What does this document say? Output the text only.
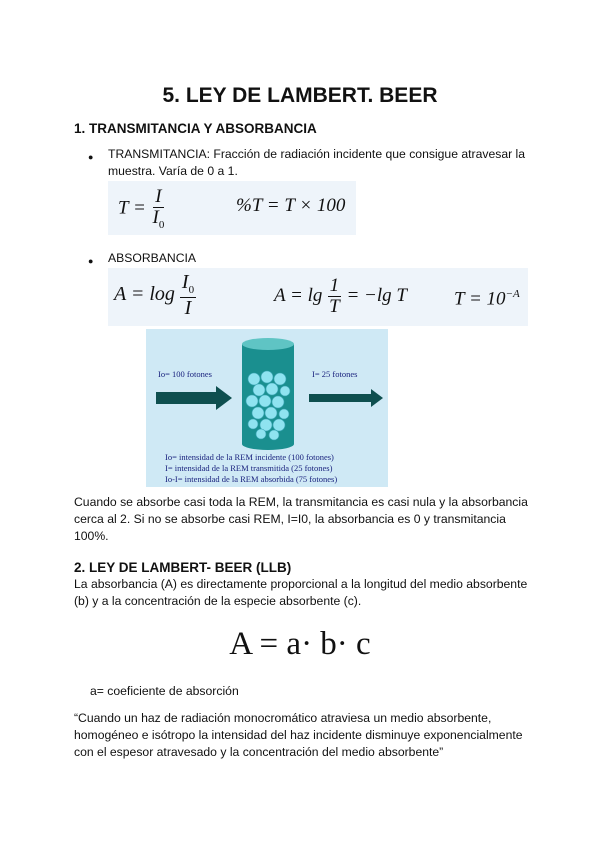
5. LEY DE LAMBERT. BEER
1. TRANSMITANCIA Y ABSORBANCIA
● TRANSMITANCIA: Fracción de radiación incidente que consigue atravesar la
muestra. Varía de 0 a 1.
$T = \frac{I}{I_0}$	%T = T × 100
● ABSORBANCIA
$A = \log \frac{I_0}{I}$	$A = \lg \frac{1}{T} = -\lg$ T $T = 10^{-A}$
Io= 100 fotones	I= 25 fotones
Io= intensidad de la REM incidente (100 fotones)
I= intensidad de la REM transmitida (25 fotones)
Io-I= intensidad de la REM absorbida (75 fotones)
Cuando se absorbe casi toda la REM, la transmitancia es casi nula y la absorbancia
cerca al 2. Si no se absorbe casi REM, I=I0, la absorbancia es 0 y transmitancia
100%.
2. LEY DE LAMBERT- BEER (LLB)
La absorbancia (A) es directamente proporcional a la longitud del medio absorbente
(b) y a la concentración de la especie absorbente (c).
A = a· b· c
a= coeficiente de absorción
“Cuando un haz de radiación monocromático atraviesa un medio absorbente,
homogéneo e isótropo la intensidad del haz incidente disminuye exponencialmente
con el espesor atravesado y la concentración del medio absorbente”
